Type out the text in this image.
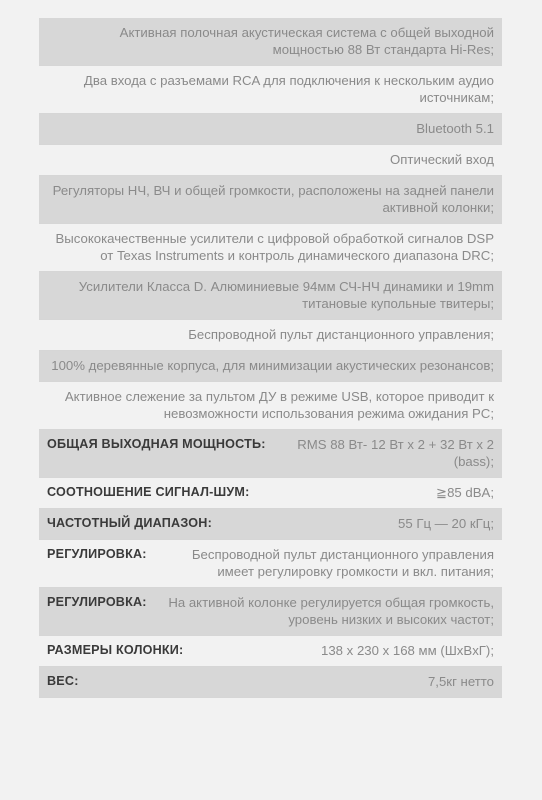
Активная полочная акустическая система с общей выходной мощностью 88 Вт стандарта Hi-Res;
Два входа с разъемами RCA для подключения к нескольким аудио источникам;
Bluetooth 5.1
Оптический вход
Регуляторы НЧ, ВЧ и общей громкости, расположены на задней панели активной колонки;
Высококачественные усилители с цифровой обработкой сигналов DSP от Texas Instruments и контроль динамического диапазона DRC;
Усилители Класса D. Алюминиевые 94мм СЧ-НЧ динамики и 19mm титановые купольные твитеры;
Беспроводной пульт дистанционного управления;
100% деревянные корпуса, для минимизации акустических резонансов;
Активное слежение за пультом ДУ в режиме USB, которое приводит к невозможности использования режима ожидания PC;
ОБЩАЯ ВЫХОДНАЯ МОЩНОСТЬ:	RMS 88 Вт- 12 Вт x 2 + 32 Вт x 2 (bass);
СООТНОШЕНИЕ СИГНАЛ-ШУМ:	≧85 dBA;
ЧАСТОТНЫЙ ДИАПАЗОН:	55 Гц — 20 кГц;
РЕГУЛИРОВКА:	Беспроводной пульт дистанционного управления имеет регулировку громкости и вкл. питания;
РЕГУЛИРОВКА:	На активной колонке регулируется общая громкость, уровень низких и высоких частот;
РАЗМЕРЫ КОЛОНКИ:	138 x 230 x 168 мм (ШxВxГ);
ВЕС:	7,5кг нетто
